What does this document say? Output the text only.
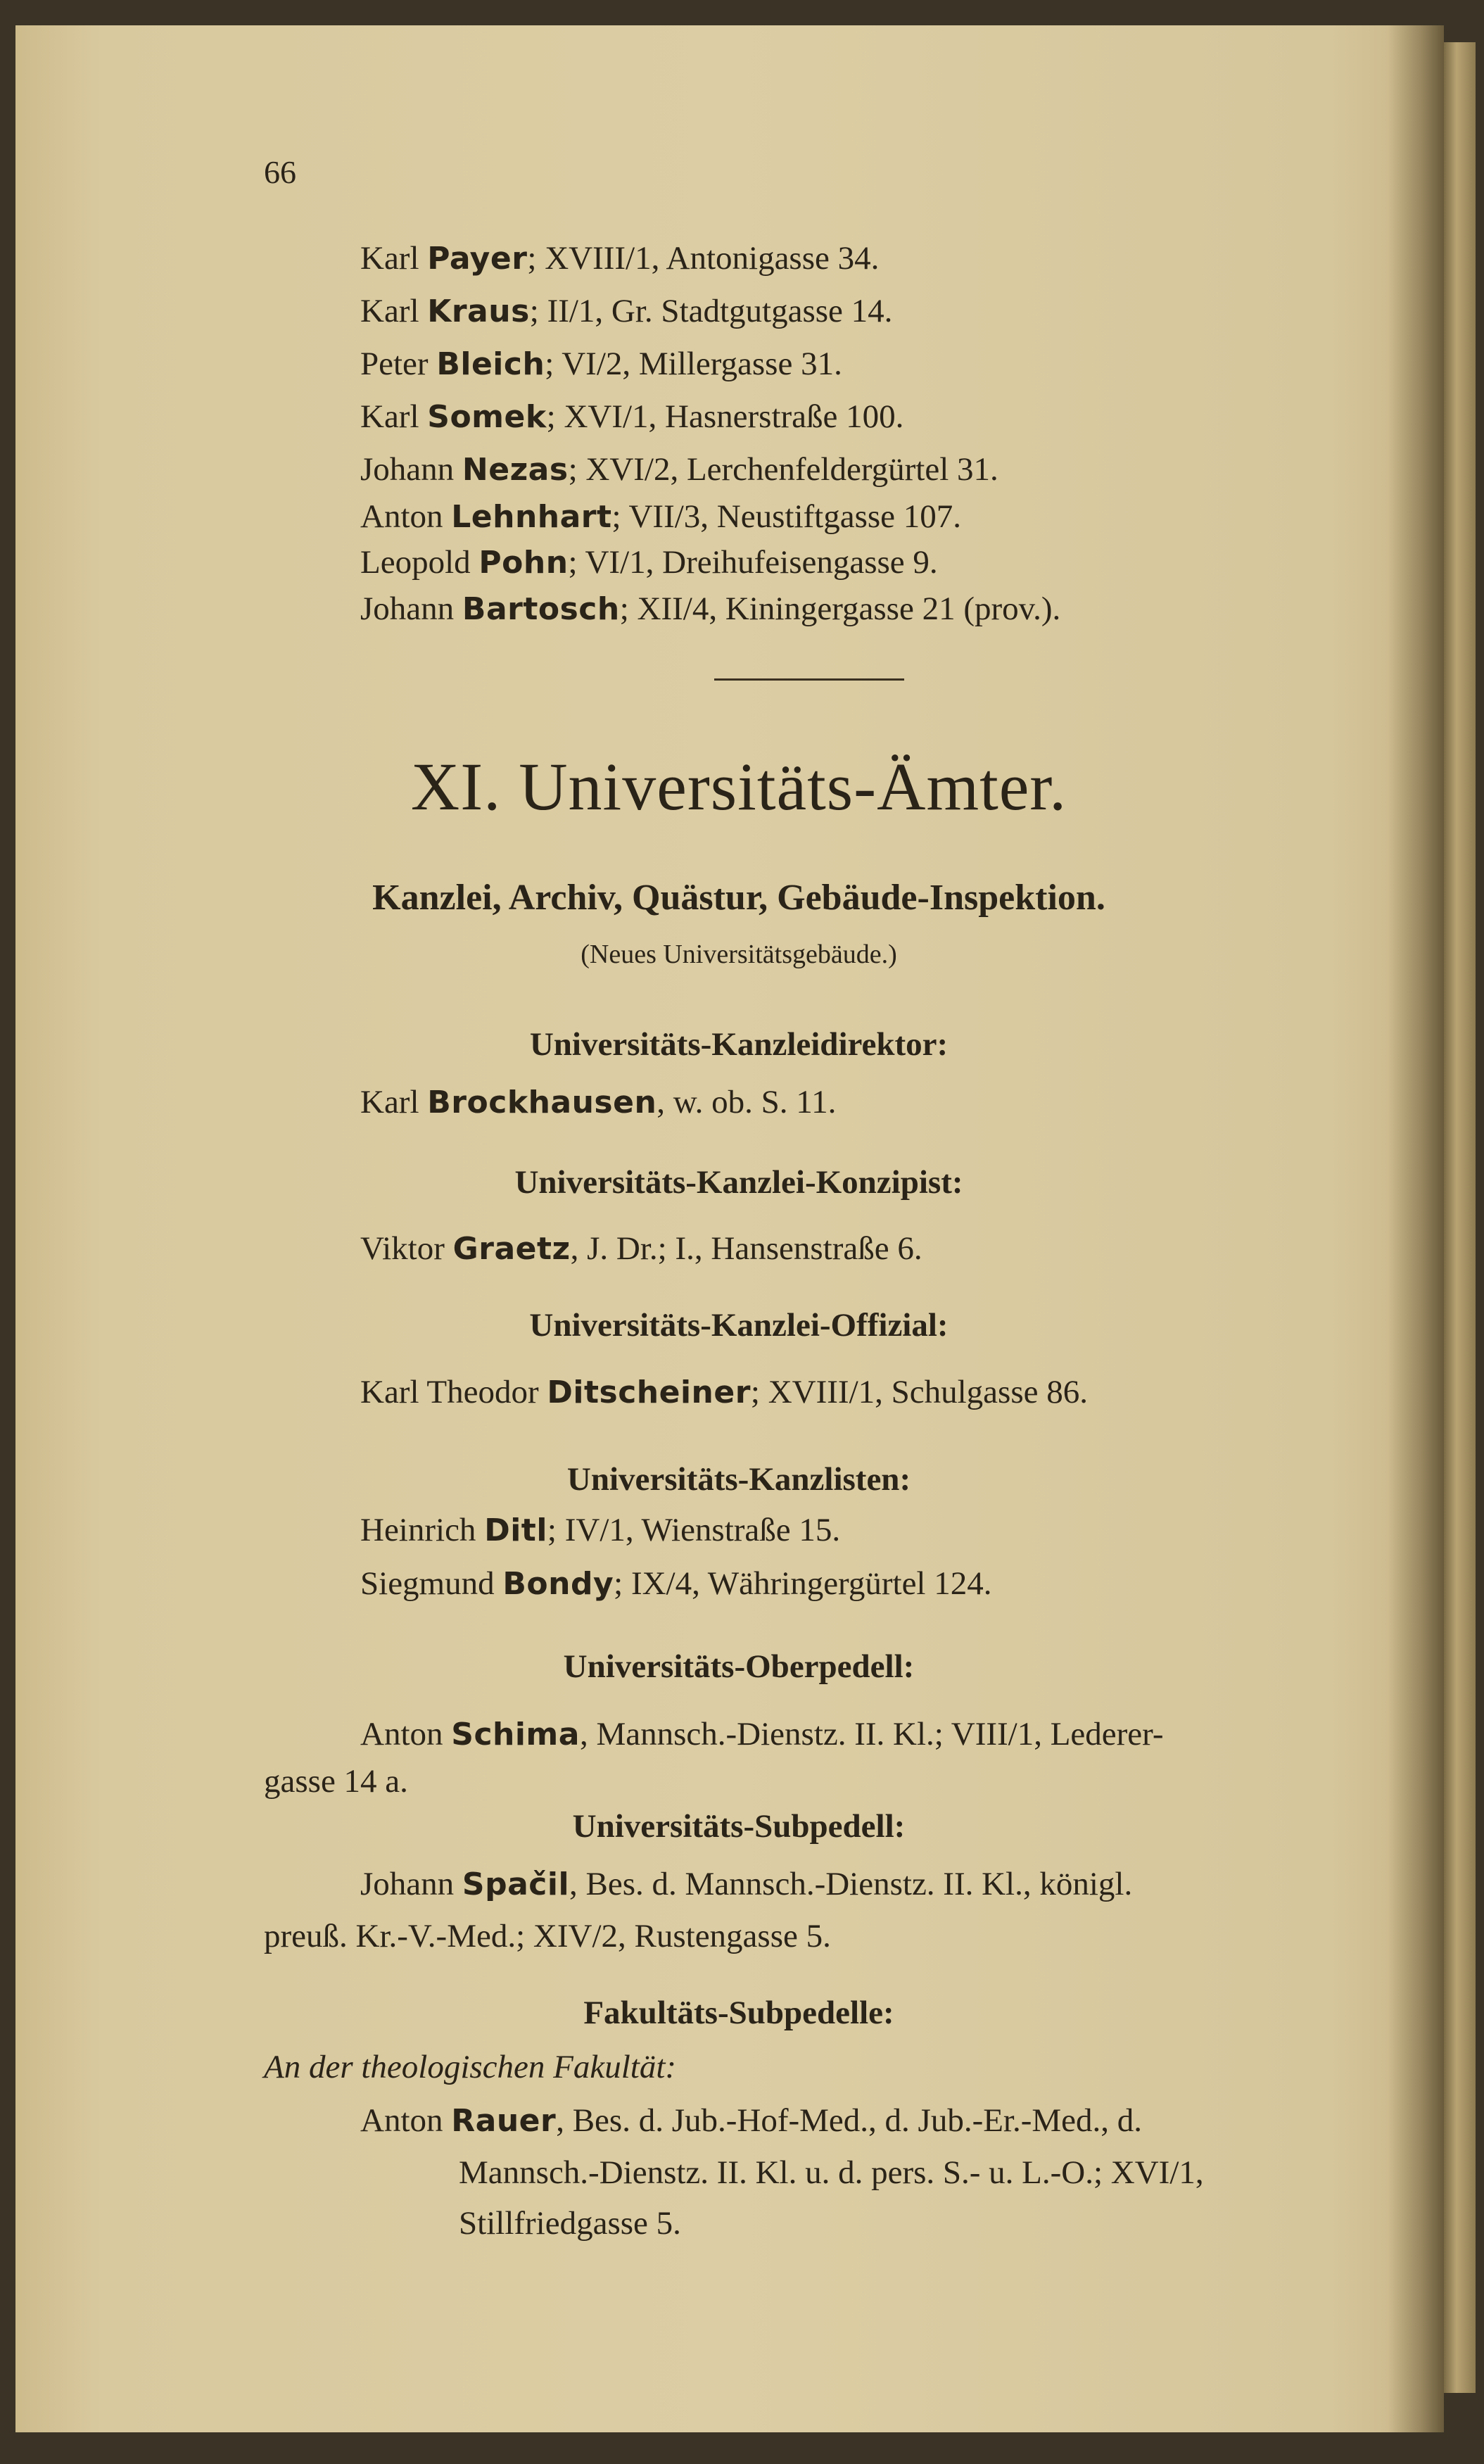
66
Karl Payer; XVIII/1, Antonigasse 34.
Karl Kraus; II/1, Gr. Stadtgutgasse 14.
Peter Bleich; VI/2, Millergasse 31.
Karl Somek; XVI/1, Hasnerstraße 100.
Johann Nezas; XVI/2, Lerchenfeldergürtel 31.
Anton Lehnhart; VII/3, Neustiftgasse 107.
Leopold Pohn; VI/1, Dreihufeisengasse 9.
Johann Bartosch; XII/4, Kiningergasse 21 (prov.).
XI. Universitäts-Ämter.
Kanzlei, Archiv, Quästur, Gebäude-Inspektion.
(Neues Universitätsgebäude.)
Universitäts-Kanzleidirektor:
Karl Brockhausen, w. ob. S. 11.
Universitäts-Kanzlei-Konzipist:
Viktor Graetz, J. Dr.; I., Hansenstraße 6.
Universitäts-Kanzlei-Offizial:
Karl Theodor Ditscheiner; XVIII/1, Schulgasse 86.
Universitäts-Kanzlisten:
Heinrich Ditl; IV/1, Wienstraße 15.
Siegmund Bondy; IX/4, Währingergürtel 124.
Universitäts-Oberpedell:
Anton Schima, Mannsch.-Dienstz. II. Kl.; VIII/1, Lederer-
gasse 14 a.
Universitäts-Subpedell:
Johann Spačil, Bes. d. Mannsch.-Dienstz. II. Kl., königl.
preuß. Kr.-V.-Med.; XIV/2, Rustengasse 5.
Fakultäts-Subpedelle:
An der theologischen Fakultät:
Anton Rauer, Bes. d. Jub.-Hof-Med., d. Jub.-Er.-Med., d.
Mannsch.-Dienstz. II. Kl. u. d. pers. S.- u. L.-O.; XVI/1,
Stillfriedgasse 5.
